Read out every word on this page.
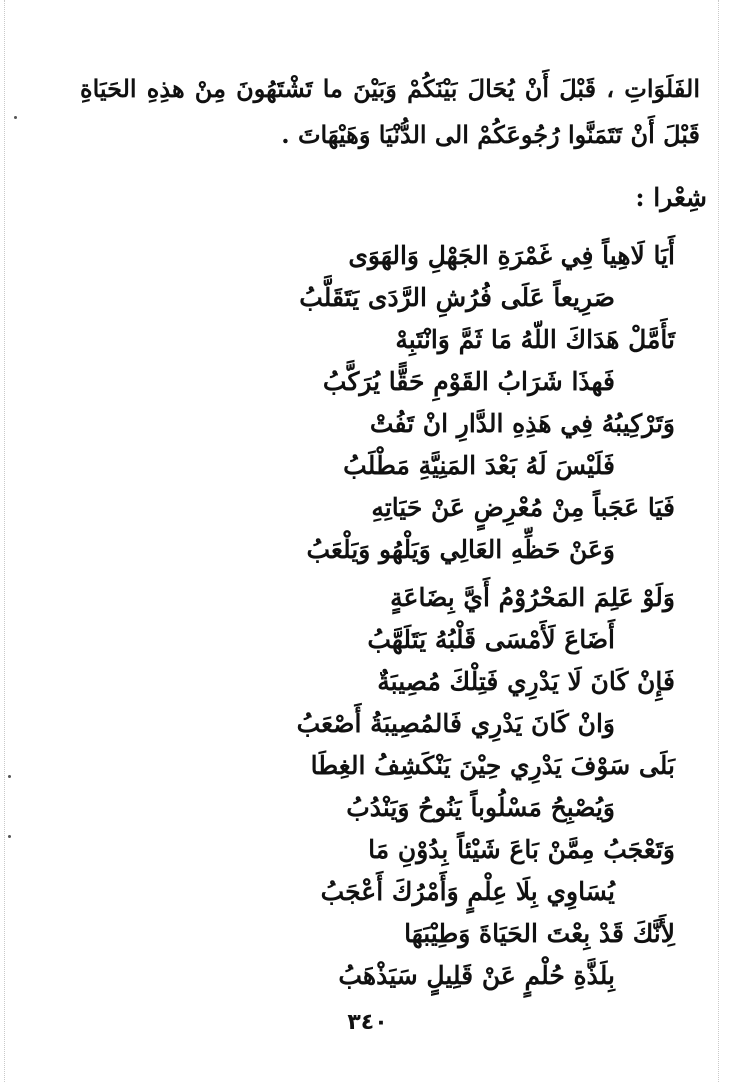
الفَلَوَاتِ ، قَبْلَ أَنْ يُحَالَ بَيْنَكُمْ وَبَيْنَ ما تَشْتَهُونَ مِنْ هذِهِ الحَيَاةِ قَبْلَ أَنْ تَتَمَنَّوا رُجُوعَكُمْ الى الدُّنْيَا وَهَيْهَاتَ .
شِعْرا :
أَيَا لَاهِياً فِي غَمْرَةِ الجَهْلِ وَالهَوَى
صَرِيعاً عَلَى فُرُشِ الرَّدَى يَتَقَلَّبُ
تَأَمَّلْ هَدَاكَ اللّهُ مَا ثَمَّ وَانْتَبِهْ
فَهذَا شَرَابُ القَوْمِ حَقًّا يُرَكَّبُ
وَتَرْكِيبُهُ فِي هَذِهِ الدَّارِ انْ تَفُتْ
فَلَيْسَ لَهُ بَعْدَ المَنِيَّةِ مَطْلَبُ
فَيَا عَجَباً مِنْ مُعْرِضٍ عَنْ حَيَاتِهِ
وَعَنْ حَظِّهِ العَالِي وَيَلْهُو وَيَلْعَبُ
وَلَوْ عَلِمَ المَحْرُوْمُ أَيَّ بِضَاعَةٍ
أَضَاعَ لَأَمْسَى قَلْبُهُ يَتَلَهَّبُ
فَإِنْ كَانَ لَا يَدْرِي فَتِلْكَ مُصِيبَةٌ
وَانْ كَانَ يَدْرِي فَالمُصِيبَةُ أَصْعَبُ
بَلَى سَوْفَ يَدْرِي حِيْنَ يَنْكَشِفُ الغِطَا
وَيُصْبِحُ مَسْلُوباً يَنُوحُ وَيَنْدُبُ
وَتَعْجَبُ مِمَّنْ بَاعَ شَيْئاً بِدُوْنِ مَا
يُسَاوِي بِلَا عِلْمٍ وَأَمْرُكَ أَعْجَبُ
لِأَنَّكَ قَدْ بِعْتَ الحَيَاةَ وَطِيْبَهَا
بِلَذَّةِ حُلْمٍ عَنْ قَلِيلٍ سَيَذْهَبُ
٣٤٠
